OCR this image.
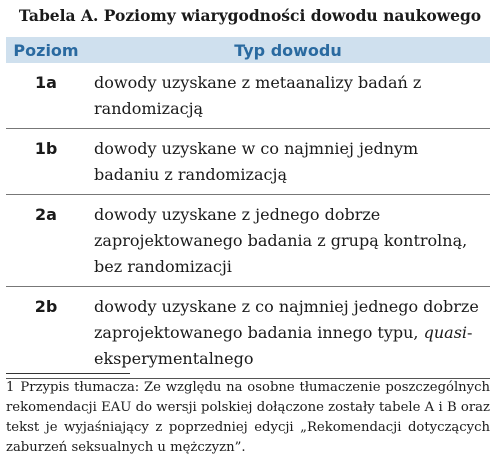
Tabela A. Poziomy wiarygodności dowodu naukowego
Poziom	Typ dowodu
1a	dowody uzyskane z metaanalizy badań z randomizacją
1b	dowody uzyskane w co najmniej jednym badaniu z randomizacją
2a	dowody uzyskane z jednego dobrze zaprojektowanego badania z grupą kontrolną, bez randomizacji
2b	dowody uzyskane z co najmniej jednego dobrze zaprojektowanego badania innego typu, quasi-eksperymentalnego
1 Przypis tłumacza: Ze względu na osobne tłumaczenie poszczególnych rekomendacji EAU do wersji polskiej dołączone zostały tabele A i B oraz tekst je wyjaśniający z poprzedniej edycji „Rekomendacji dotyczących zaburzeń seksualnych u mężczyzn”.
